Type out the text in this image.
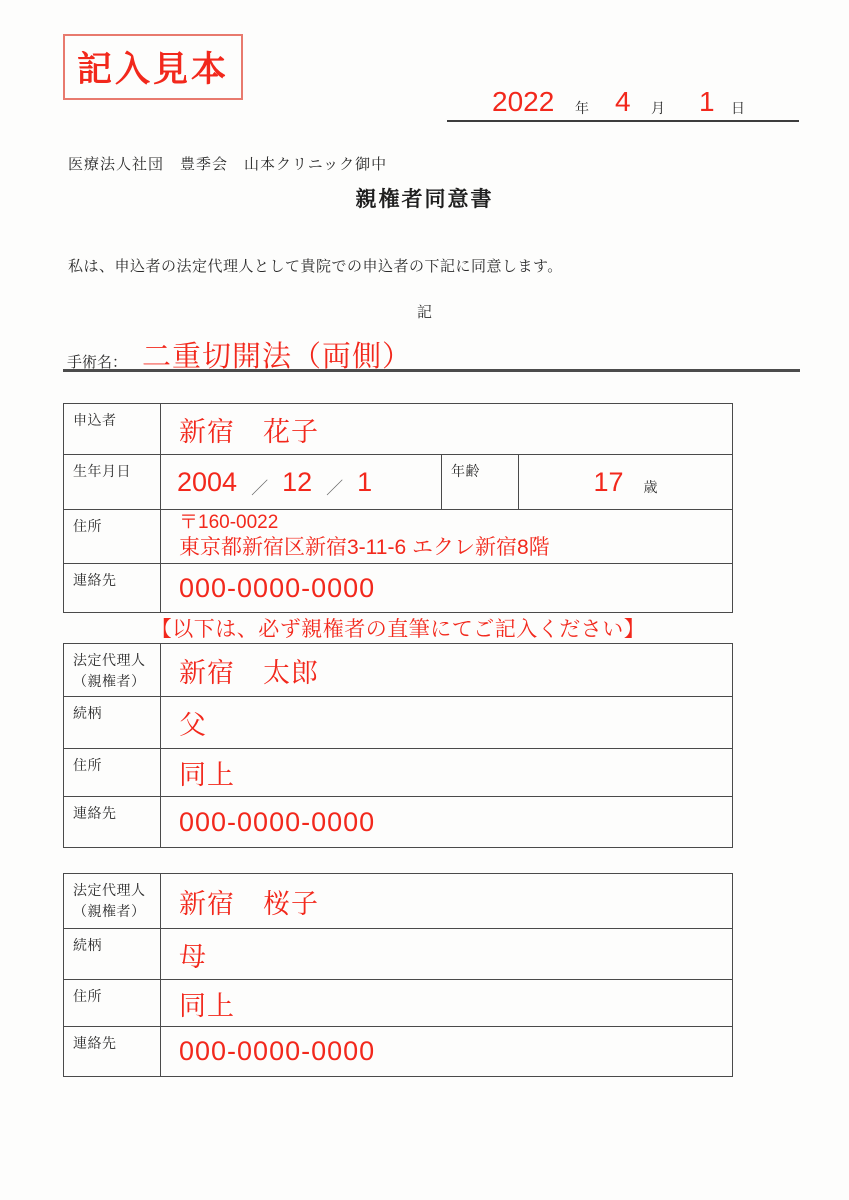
記入見本
2022 年 4 月 1 日
医療法人社団　豊季会　山本クリニック御中
親権者同意書
私は、申込者の法定代理人として貴院での申込者の下記に同意します。
記
手術名： 二重切開法（両側）
申込者	新宿　花子
生年月日	2004 ／ 12 ／ 1	年齢	17 歳
住所	〒160-0022
東京都新宿区新宿3-11-6 エクレ新宿8階
連絡先	000-0000-0000
【以下は、必ず親権者の直筆にてご記入ください】
法定代理人
（親権者）	新宿　太郎
続柄	父
住所	同上
連絡先	000-0000-0000
法定代理人
（親権者）	新宿　桜子
続柄	母
住所	同上
連絡先	000-0000-0000
